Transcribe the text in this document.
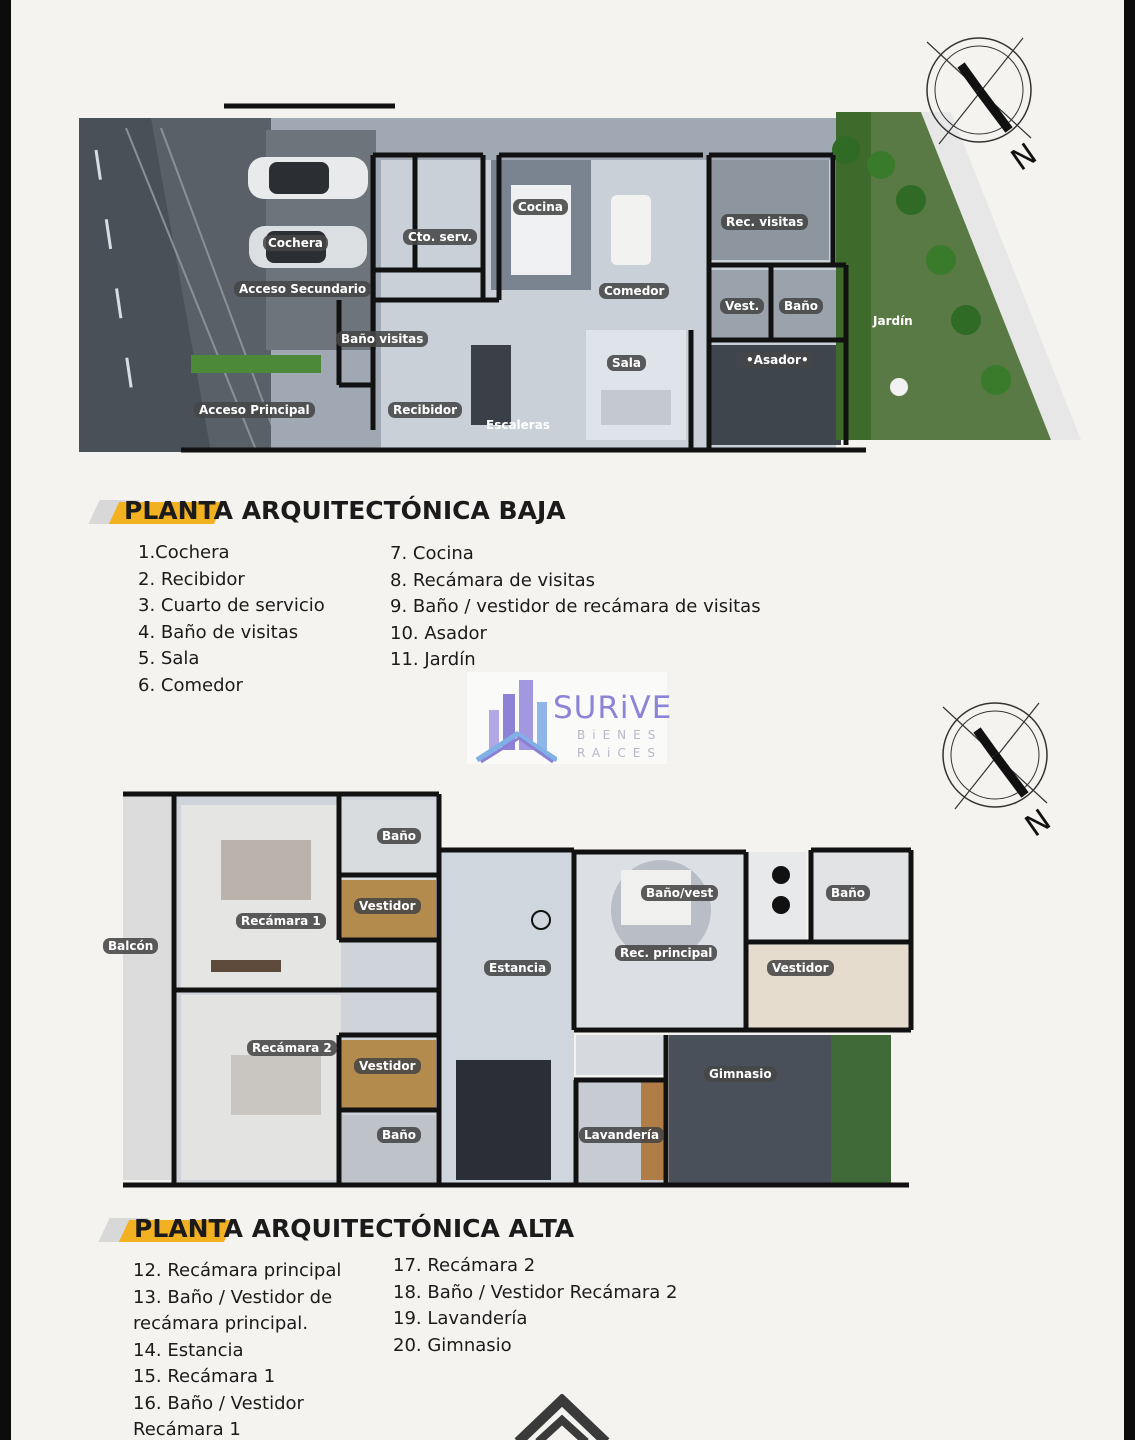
Cochera
Acceso Secundario
Acceso Principal
Cto. serv.
Baño visitas
Recibidor
Escaleras
Cocina
Comedor
Sala
Rec. visitas
Vest.	Baño
•Asador•
Jardín
N
PLANTA ARQUITECTÓNICA BAJA
1.Cochera
2. Recibidor
3. Cuarto de servicio
4. Baño de visitas
5. Sala
6. Comedor
7. Cocina
8. Recámara de visitas
9. Baño / vestidor de recámara de visitas
10. Asador
11. Jardín
SURiVE
BiENES
RAiCES
N
Balcón
Recámara 1
Recámara 2
Baño
Vestidor
Vestidor
Baño
Estancia
Baño/vest
Rec. principal
Baño
Vestidor
Gimnasio
Lavandería
PLANTA ARQUITECTÓNICA ALTA
12. Recámara principal
13. Baño / Vestidor de
recámara principal.
14. Estancia
15. Recámara 1
16. Baño / Vestidor
Recámara 1
17. Recámara 2
18. Baño / Vestidor Recámara 2
19. Lavandería
20. Gimnasio
